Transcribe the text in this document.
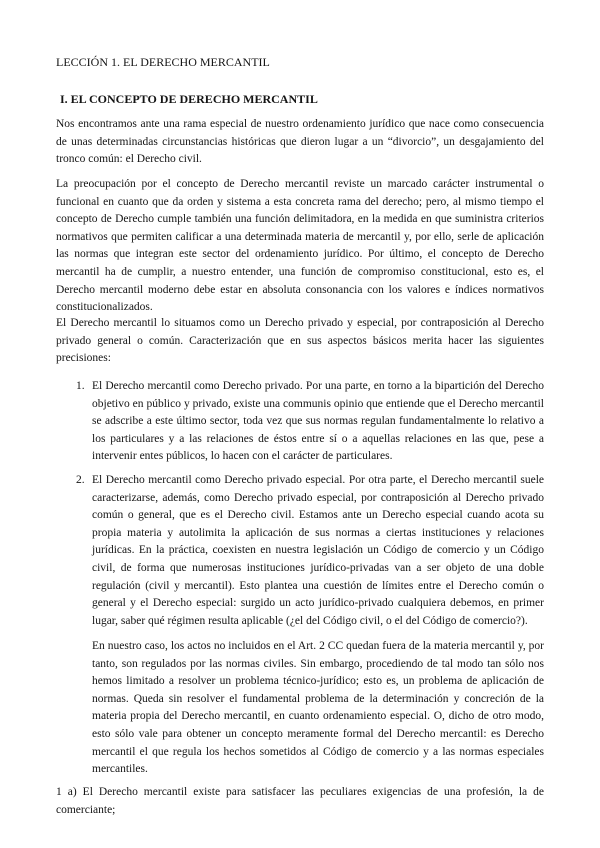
LECCIÓN 1. EL DERECHO MERCANTIL
I. EL CONCEPTO DE DERECHO MERCANTIL

Nos encontramos ante una rama especial de nuestro ordenamiento jurídico que nace como consecuencia de unas determinadas circunstancias históricas que dieron lugar a un “divorcio”, un desgajamiento del tronco común: el Derecho civil.

La preocupación por el concepto de Derecho mercantil reviste un marcado carácter instrumental o funcional en cuanto que da orden y sistema a esta concreta rama del derecho; pero, al mismo tiempo el concepto de Derecho cumple también una función delimitadora, en la medida en que suministra criterios normativos que permiten calificar a una determinada materia de mercantil y, por ello, serle de aplicación las normas que integran este sector del ordenamiento jurídico. Por último, el concepto de Derecho mercantil ha de cumplir, a nuestro entender, una función de compromiso constitucional, esto es, el Derecho mercantil moderno debe estar en absoluta consonancia con los valores e índices normativos constitucionalizados.

El Derecho mercantil lo situamos como un Derecho privado y especial, por contraposición al Derecho privado general o común. Caracterización que en sus aspectos básicos merita hacer las siguientes precisiones:

1. El Derecho mercantil como Derecho privado. Por una parte, en torno a la bipartición del Derecho objetivo en público y privado, existe una communis opinio que entiende que el Derecho mercantil se adscribe a este último sector, toda vez que sus normas regulan fundamentalmente lo relativo a los particulares y a las relaciones de éstos entre sí o a aquellas relaciones en las que, pese a intervenir entes públicos, lo hacen con el carácter de particulares.
2. El Derecho mercantil como Derecho privado especial. Por otra parte, el Derecho mercantil suele caracterizarse, además, como Derecho privado especial, por contraposición al Derecho privado común o general, que es el Derecho civil. Estamos ante un Derecho especial cuando acota su propia materia y autolimita la aplicación de sus normas a ciertas instituciones y relaciones jurídicas. En la práctica, coexisten en nuestra legislación un Código de comercio y un Código civil, de forma que numerosas instituciones jurídico-privadas van a ser objeto de una doble regulación (civil y mercantil). Esto plantea una cuestión de límites entre el Derecho común o general y el Derecho especial: surgido un acto jurídico-privado cualquiera debemos, en primer lugar, saber qué régimen resulta aplicable (¿el del Código civil, o el del Código de comercio?).

En nuestro caso, los actos no incluidos en el Art. 2 CC quedan fuera de la materia mercantil y, por tanto, son regulados por las normas civiles. Sin embargo, procediendo de tal modo tan sólo nos hemos limitado a resolver un problema técnico-jurídico; esto es, un problema de aplicación de normas. Queda sin resolver el fundamental problema de la determinación y concreción de la materia propia del Derecho mercantil, en cuanto ordenamiento especial. O, dicho de otro modo, esto sólo vale para obtener un concepto meramente formal del Derecho mercantil: es Derecho mercantil el que regula los hechos sometidos al Código de comercio y a las normas especiales mercantiles.

1 a) El Derecho mercantil existe para satisfacer las peculiares exigencias de una profesión, la de comerciante;
